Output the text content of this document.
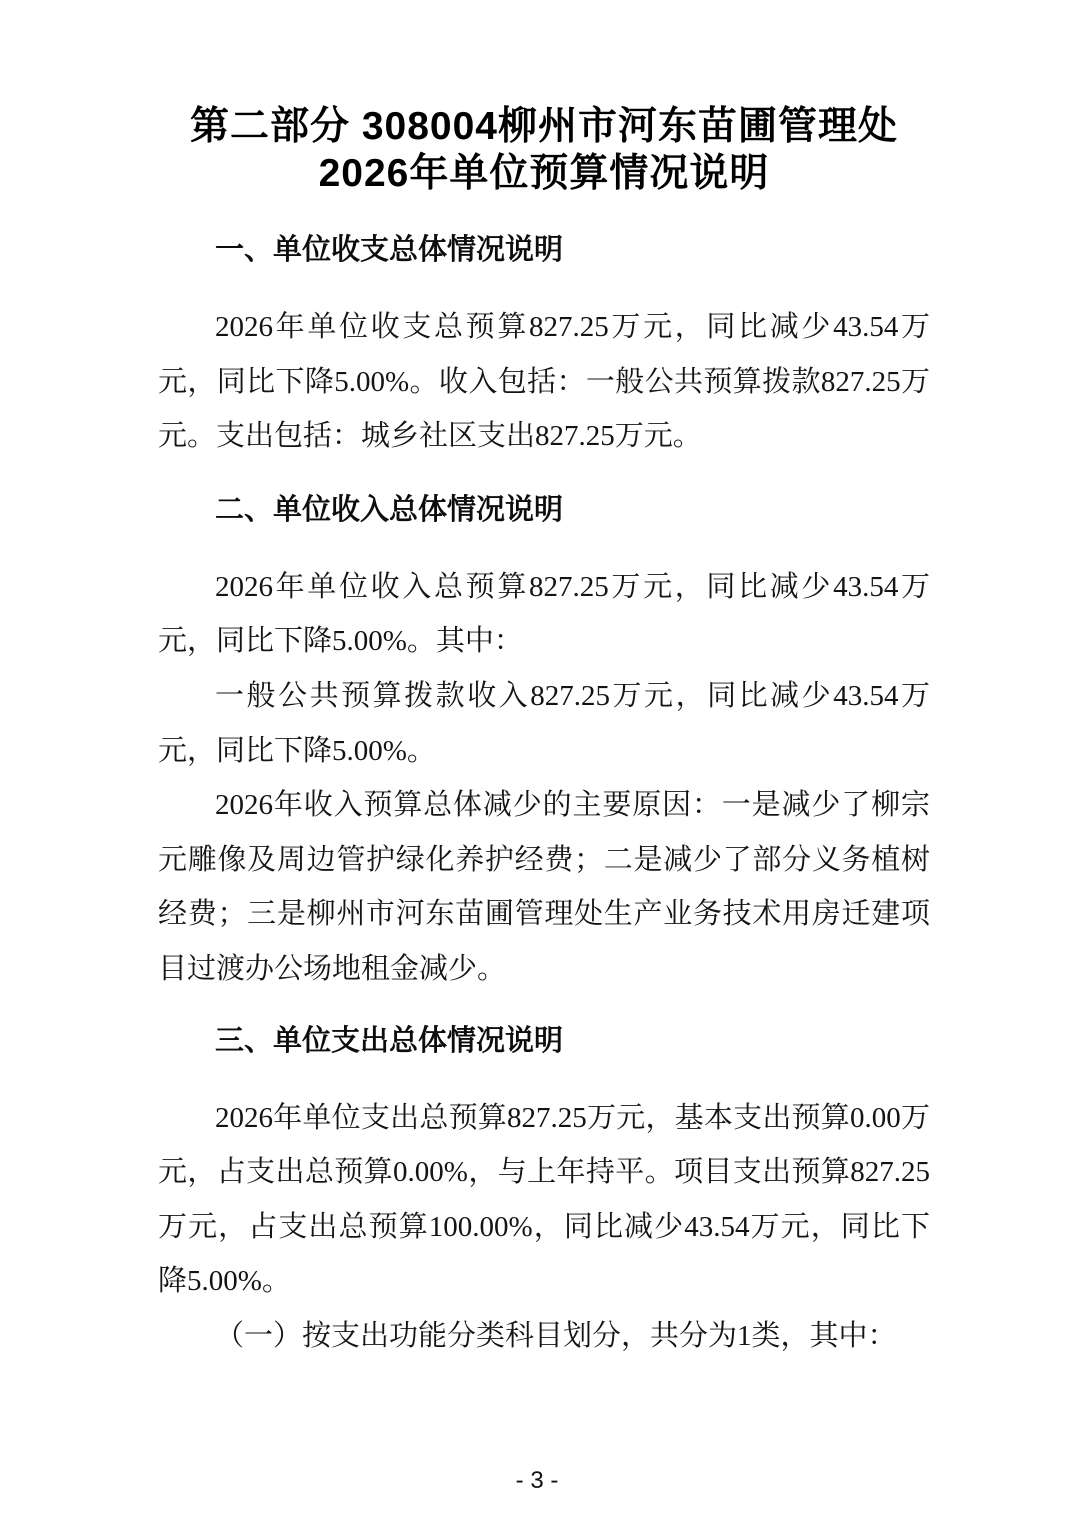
第二部分 308004柳州市河东苗圃管理处
2026年单位预算情况说明
一、单位收支总体情况说明

2026年单位收支总预算827.25万元，同比减少43.54万元，同比下降5.00%。收入包括：一般公共预算拨款827.25万元。支出包括：城乡社区支出827.25万元。

二、单位收入总体情况说明

2026年单位收入总预算827.25万元，同比减少43.54万元，同比下降5.00%。其中：

一般公共预算拨款收入827.25万元，同比减少43.54万元，同比下降5.00%。

2026年收入预算总体减少的主要原因：一是减少了柳宗元雕像及周边管护绿化养护经费；二是减少了部分义务植树经费；三是柳州市河东苗圃管理处生产业务技术用房迁建项目过渡办公场地租金减少。

三、单位支出总体情况说明

2026年单位支出总预算827.25万元，基本支出预算0.00万元，占支出总预算0.00%，与上年持平。项目支出预算827.25万元，占支出总预算100.00%，同比减少43.54万元，同比下降5.00%。

（一）按支出功能分类科目划分，共分为1类，其中：

- 3 -
